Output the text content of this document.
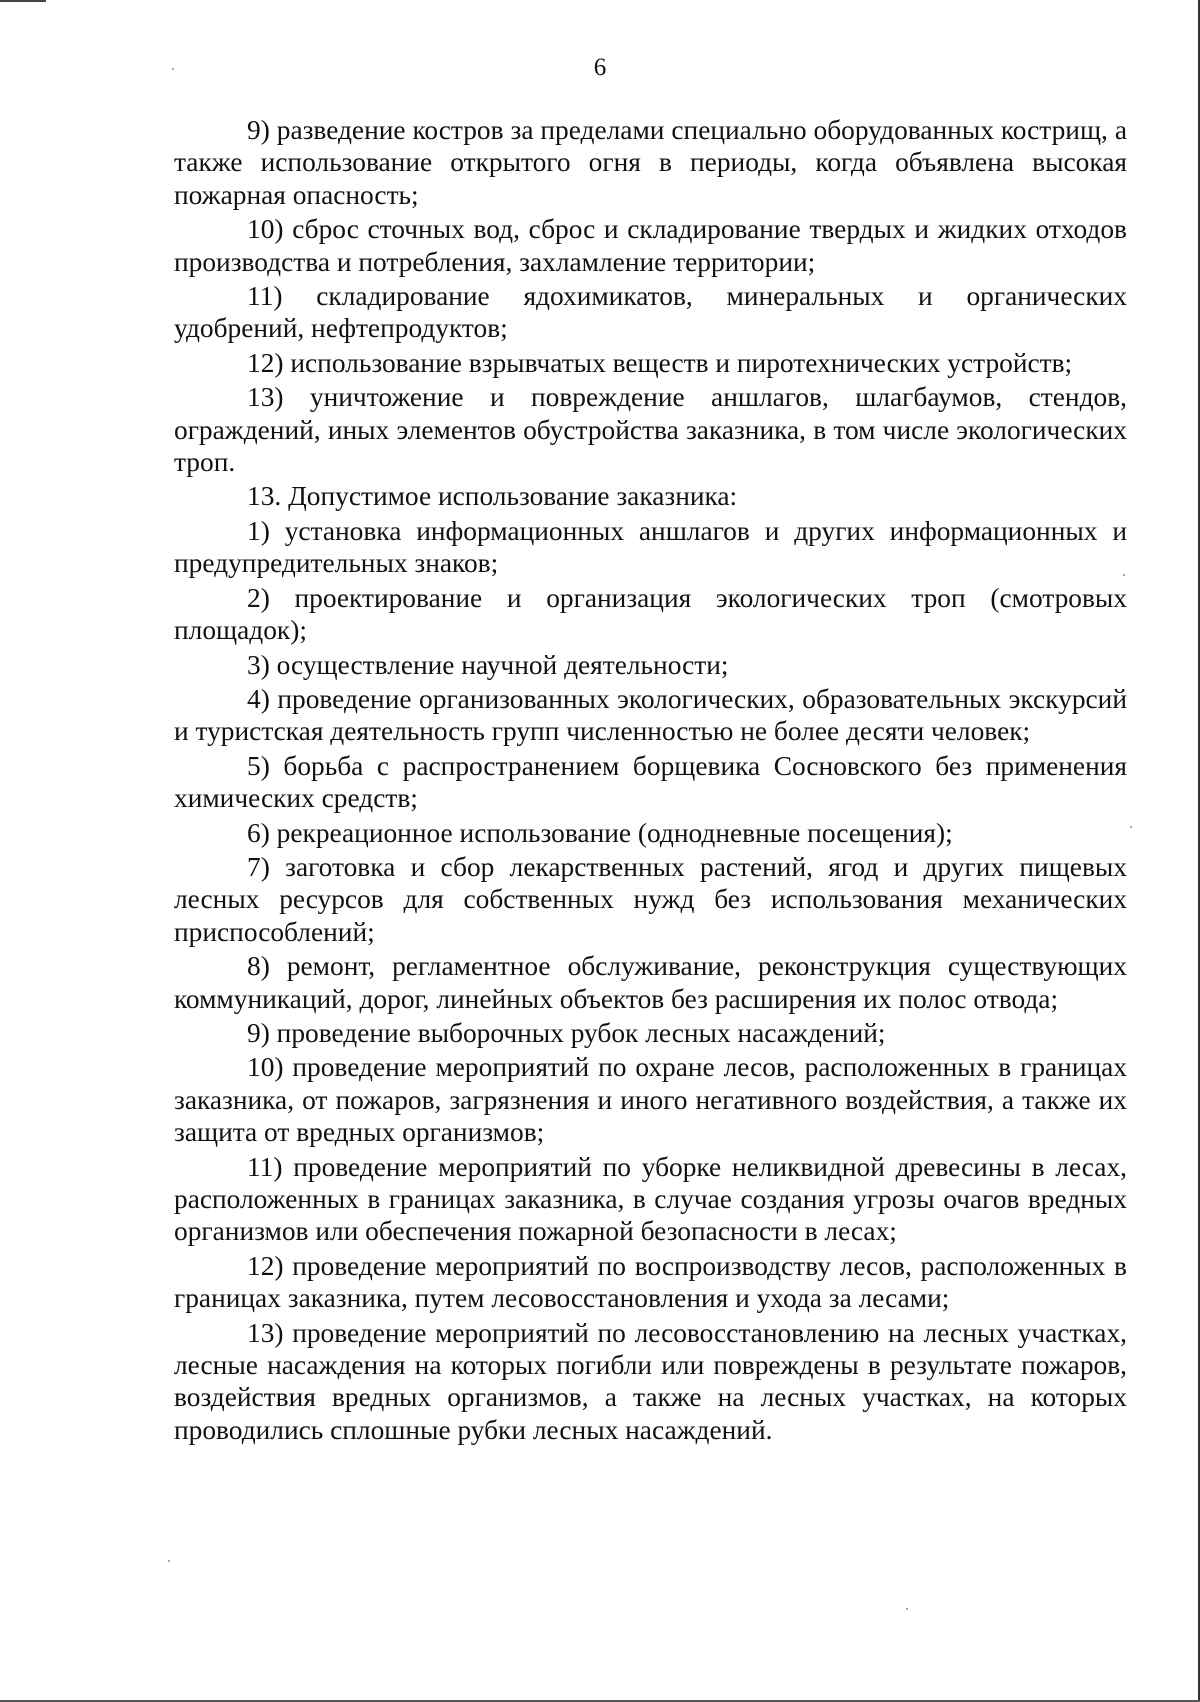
6

9) разведение костров за пределами специально оборудованных кострищ, а также использование открытого огня в периоды, когда объявлена высокая пожарная опасность;

10) сброс сточных вод, сброс и складирование твердых и жидких отходов производства и потребления, захламление территории;

11) складирование ядохимикатов, минеральных и органических удобрений, нефтепродуктов;

12) использование взрывчатых веществ и пиротехнических устройств;

13) уничтожение и повреждение аншлагов, шлагбаумов, стендов, ограждений, иных элементов обустройства заказника, в том числе экологических троп.

13. Допустимое использование заказника:

1) установка информационных аншлагов и других информационных и предупредительных знаков;

2) проектирование и организация экологических троп (смотровых площадок);

3) осуществление научной деятельности;

4) проведение организованных экологических, образовательных экскурсий и туристская деятельность групп численностью не более десяти человек;

5) борьба с распространением борщевика Сосновского без применения химических средств;

6) рекреационное использование (однодневные посещения);

7) заготовка и сбор лекарственных растений, ягод и других пищевых лесных ресурсов для собственных нужд без использования механических приспособлений;

8) ремонт, регламентное обслуживание, реконструкция существующих коммуникаций, дорог, линейных объектов без расширения их полос отвода;

9) проведение выборочных рубок лесных насаждений;

10) проведение мероприятий по охране лесов, расположенных в границах заказника, от пожаров, загрязнения и иного негативного воздействия, а также их защита от вредных организмов;

11) проведение мероприятий по уборке неликвидной древесины в лесах, расположенных в границах заказника, в случае создания угрозы очагов вредных организмов или обеспечения пожарной безопасности в лесах;

12) проведение мероприятий по воспроизводству лесов, расположенных в границах заказника, путем лесовосстановления и ухода за лесами;

13) проведение мероприятий по лесовосстановлению на лесных участках, лесные насаждения на которых погибли или повреждены в результате пожаров, воздействия вредных организмов, а также на лесных участках, на которых проводились сплошные рубки лесных насаждений.
